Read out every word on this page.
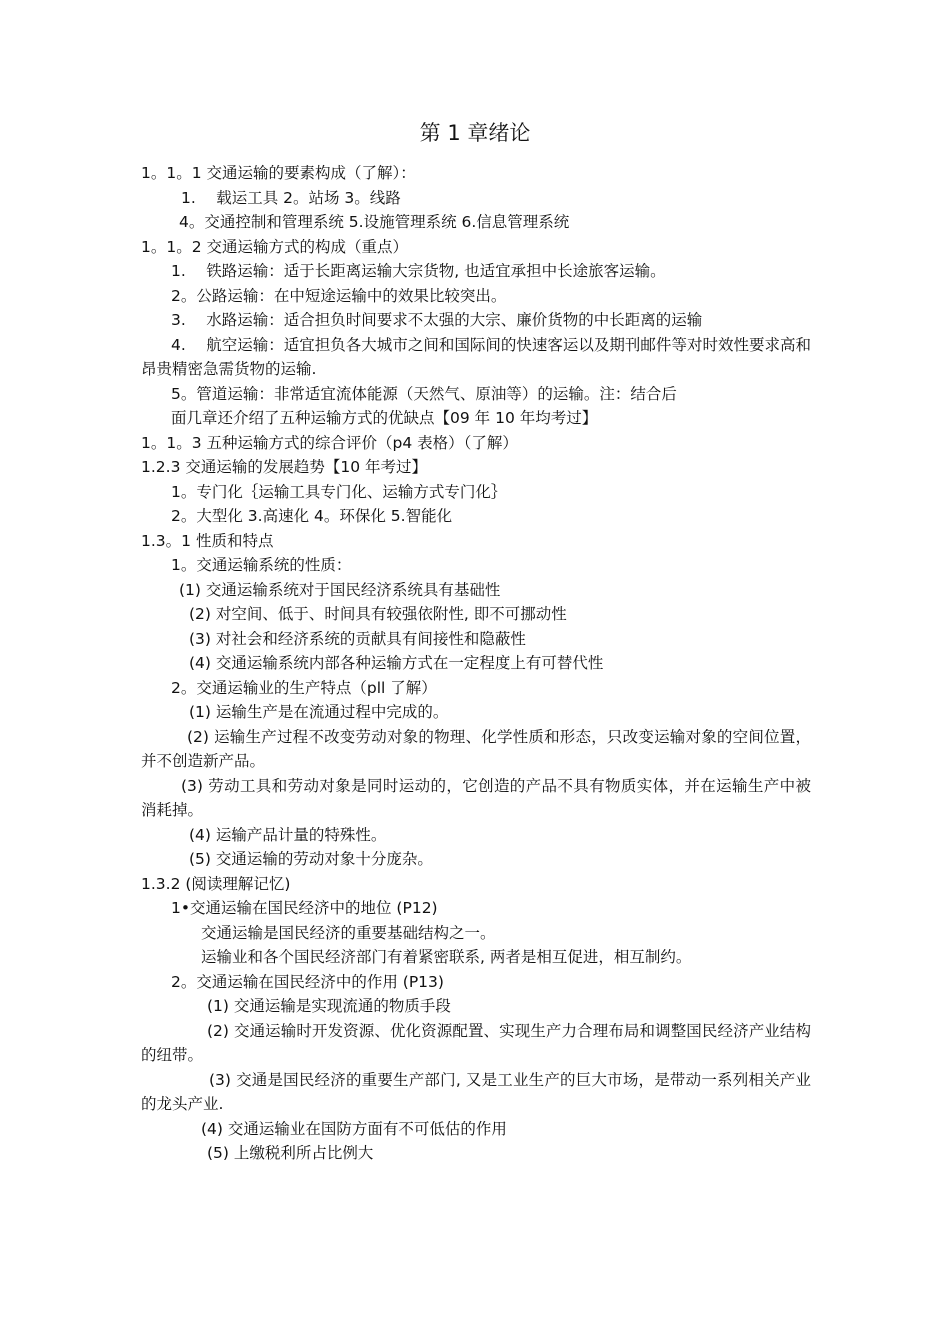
第 1 章绪论
1。1。1 交通运输的要素构成（了解）：
1.　 载运工具 2。站场 3。线路
4。交通控制和管理系统 5.设施管理系统 6.信息管理系统
1。1。2 交通运输方式的构成（重点）
1.　 铁路运输：适于长距离运输大宗货物, 也适宜承担中长途旅客运输。
2。公路运输：在中短途运输中的效果比较突出。
3.　 水路运输：适合担负时间要求不太强的大宗、廉价货物的中长距离的运输
4.　 航空运输：适宜担负各大城市之间和国际间的快速客运以及期刊邮件等对时效性要求高和昂贵精密急需货物的运输.
5。管道运输：非常适宜流体能源（天然气、原油等）的运输。注：结合后
面几章还介绍了五种运输方式的优缺点【09 年 10 年均考过】
1。1。3 五种运输方式的综合评价（p4 表格）（了解）
1.2.3 交通运输的发展趋势【10 年考过】
1。专门化｛运输工具专门化、运输方式专门化｝
2。大型化 3.高速化 4。环保化 5.智能化
1.3。1 性质和特点
1。交通运输系统的性质：
(1) 交通运输系统对于国民经济系统具有基础性
(2) 对空间、低于、时间具有较强依附性, 即不可挪动性
(3) 对社会和经济系统的贡献具有间接性和隐蔽性
(4) 交通运输系统内部各种运输方式在一定程度上有可替代性
2。交通运输业的生产特点（pll 了解）
(1) 运输生产是在流通过程中完成的。
(2) 运输生产过程不改变劳动对象的物理、化学性质和形态，只改变运输对象的空间位置，并不创造新产品。
(3) 劳动工具和劳动对象是同时运动的，它创造的产品不具有物质实体，并在运输生产中被消耗掉。
(4) 运输产品计量的特殊性。
(5) 交通运输的劳动对象十分庞杂。
1.3.2 (阅读理解记忆)
1•交通运输在国民经济中的地位 (P12)
交通运输是国民经济的重要基础结构之一。
运输业和各个国民经济部门有着紧密联系, 两者是相互促进，相互制约。
2。交通运输在国民经济中的作用 (P13)
(1) 交通运输是实现流通的物质手段
(2) 交通运输时开发资源、优化资源配置、实现生产力合理布局和调整国民经济产业结构的纽带。
(3) 交通是国民经济的重要生产部门, 又是工业生产的巨大市场，是带动一系列相关产业的龙头产业.
(4) 交通运输业在国防方面有不可低估的作用
(5) 上缴税利所占比例大
